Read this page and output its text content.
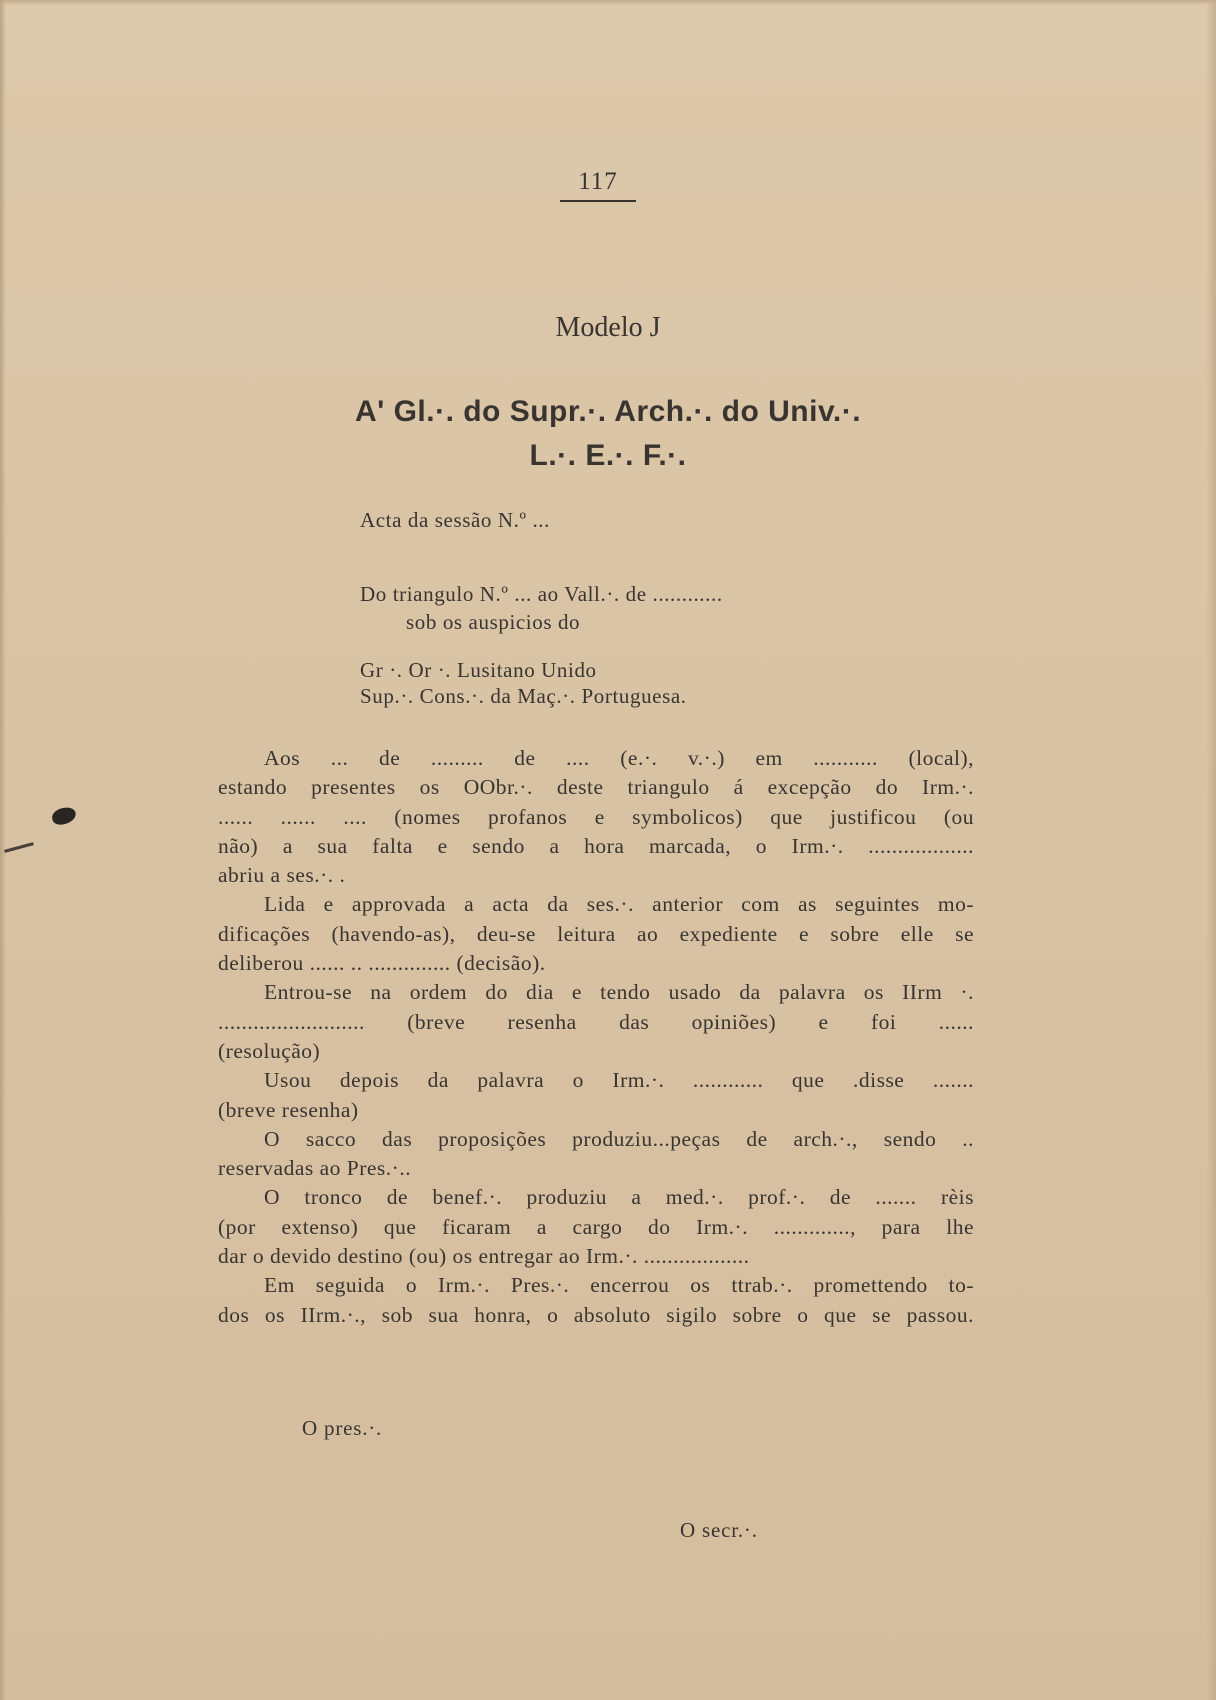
117
Modelo J
A' Gl.·. do Supr.·. Arch.·. do Univ.·.
L.·. E.·. F.·.
Acta da sessão N.º ...
Do triangulo N.º ... ao Vall.·. de ............
sob os auspicios do
Gr ·. Or ·. Lusitano Unido
Sup.·. Cons.·. da Maç.·. Portuguesa.

Aos ... de ......... de .... (e.·. v.·.) em ........... (local),

estando presentes os OObr.·. deste triangulo á excepção do Irm.·.

...... ...... .... (nomes profanos e symbolicos) que justificou (ou

não) a sua falta e sendo a hora marcada, o Irm.·. ..................

abriu a ses.·. .

Lida e approvada a acta da ses.·. anterior com as seguintes mo-

dificações (havendo-as), deu-se leitura ao expediente e sobre elle se

deliberou ...... .. .............. (decisão).

Entrou-se na ordem do dia e tendo usado da palavra os IIrm ·.

......................... (breve resenha das opiniões) e foi ......

(resolução)

Usou depois da palavra o Irm.·. ............ que .disse .......

(breve resenha)

O sacco das proposições produziu...peças de arch.·., sendo ..

reservadas ao Pres.·..

O tronco de benef.·. produziu a med.·. prof.·. de ....... rèis

(por extenso) que ficaram a cargo do Irm.·. ............., para lhe

dar o devido destino (ou) os entregar ao Irm.·. ..................

Em seguida o Irm.·. Pres.·. encerrou os ttrab.·. promettendo to-

dos os IIrm.·., sob sua honra, o absoluto sigilo sobre o que se passou.

O pres.·.
O secr.·.
